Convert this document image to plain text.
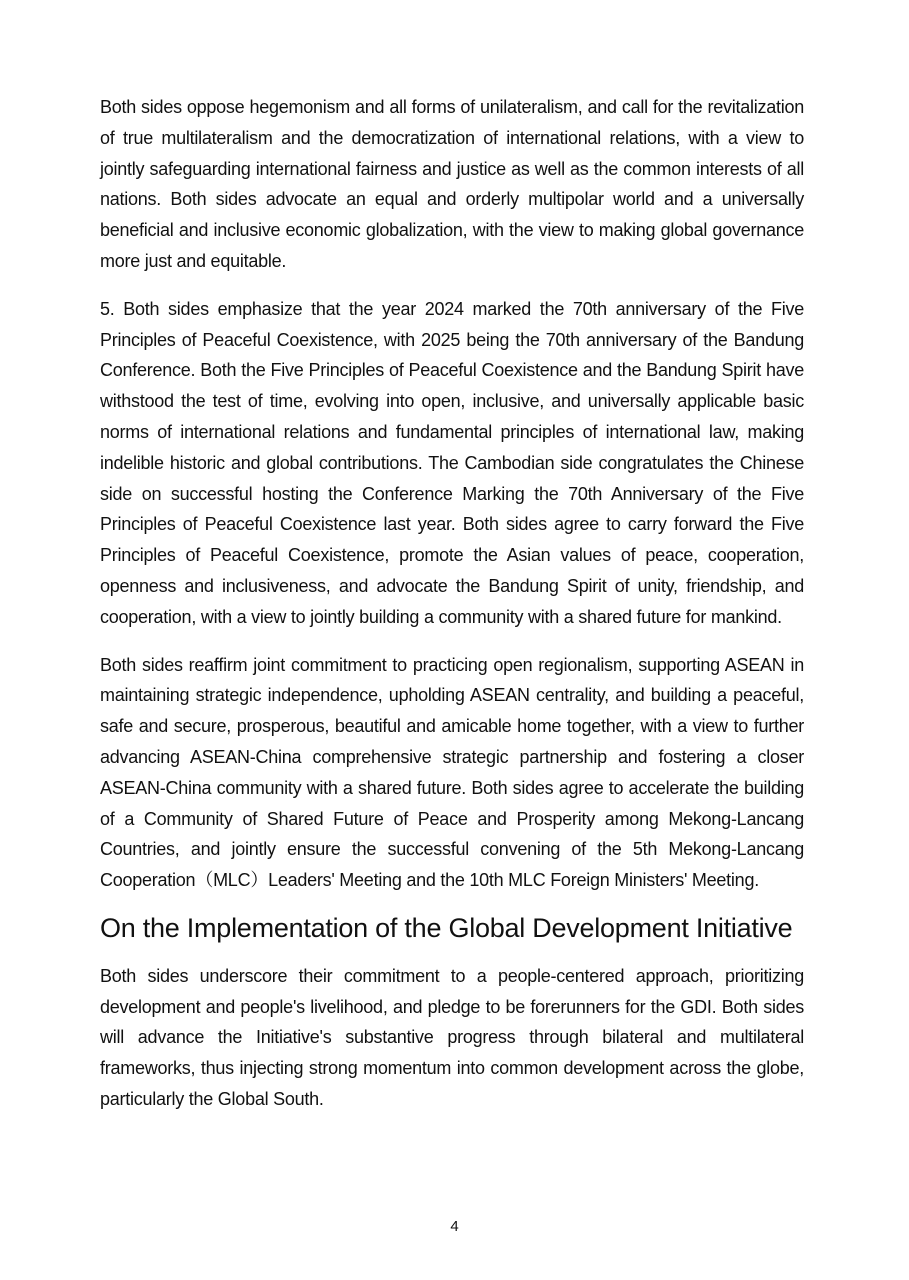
Both sides oppose hegemonism and all forms of unilateralism, and call for the revitalization of true multilateralism and the democratization of international relations, with a view to jointly safeguarding international fairness and justice as well as the common interests of all nations. Both sides advocate an equal and orderly multipolar world and a universally beneficial and inclusive economic globalization, with the view to making global governance more just and equitable.

5. Both sides emphasize that the year 2024 marked the 70th anniversary of the Five Principles of Peaceful Coexistence, with 2025 being the 70th anniversary of the Bandung Conference. Both the Five Principles of Peaceful Coexistence and the Bandung Spirit have withstood the test of time, evolving into open, inclusive, and universally applicable basic norms of international relations and fundamental principles of international law, making indelible historic and global contributions. The Cambodian side congratulates the Chinese side on successful hosting the Conference Marking the 70th Anniversary of the Five Principles of Peaceful Coexistence last year. Both sides agree to carry forward the Five Principles of Peaceful Coexistence, promote the Asian values of peace, cooperation, openness and inclusiveness, and advocate the Bandung Spirit of unity, friendship, and cooperation, with a view to jointly building a community with a shared future for mankind.

Both sides reaffirm joint commitment to practicing open regionalism, supporting ASEAN in maintaining strategic independence, upholding ASEAN centrality, and building a peaceful, safe and secure, prosperous, beautiful and amicable home together, with a view to further advancing ASEAN-China comprehensive strategic partnership and fostering a closer ASEAN-China community with a shared future. Both sides agree to accelerate the building of a Community of Shared Future of Peace and Prosperity among Mekong-Lancang Countries, and jointly ensure the successful convening of the 5th Mekong-Lancang Cooperation（MLC）Leaders' Meeting and the 10th MLC Foreign Ministers' Meeting.

On the Implementation of the Global Development Initiative

Both sides underscore their commitment to a people-centered approach, prioritizing development and people's livelihood, and pledge to be forerunners for the GDI. Both sides will advance the Initiative's substantive progress through bilateral and multilateral frameworks, thus injecting strong momentum into common development across the globe, particularly the Global South.

4
